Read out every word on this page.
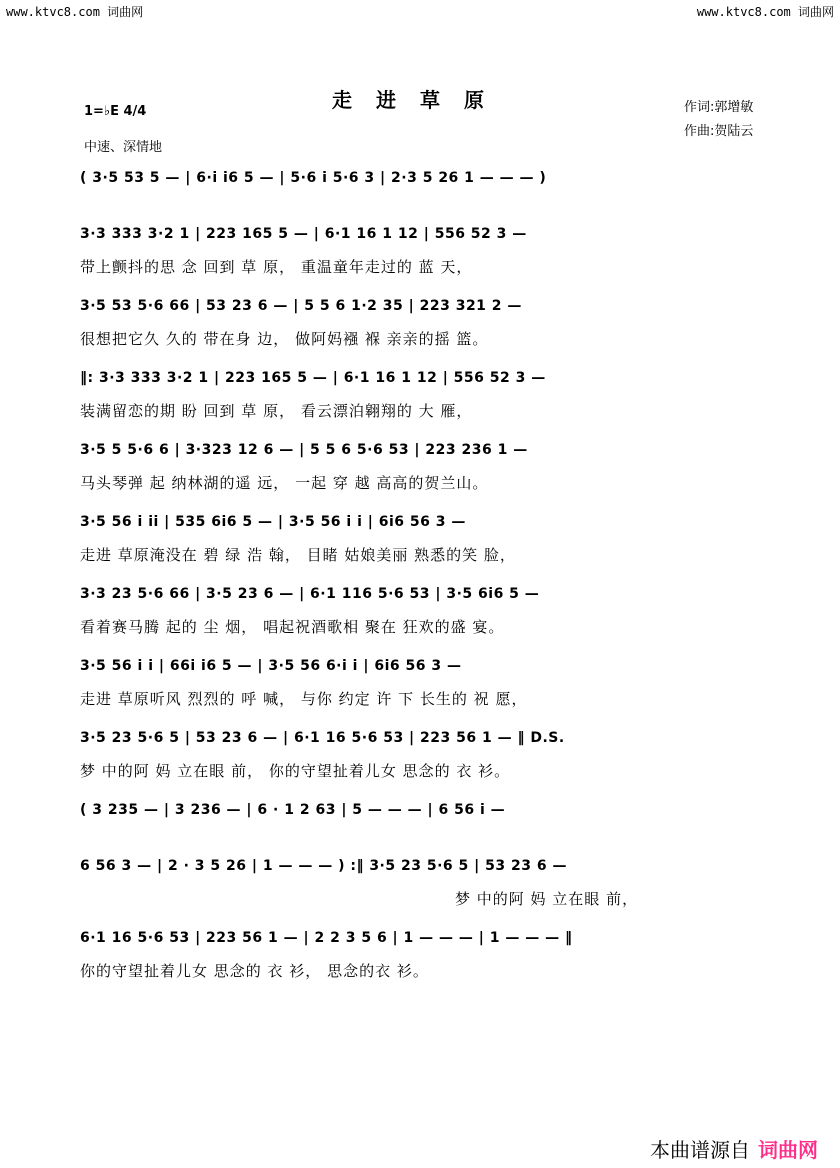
www.ktvc8.com 词曲网	www.ktvc8.com 词曲网
走进草原	作词:郭增敏
作曲:贺陆云
1=♭E 4/4
中速、深情地
( 3·5 53 5 — | 6·i i6 5 — | 5·6 i 5·6 3 | 2·3 5 26 1 — — — )
3·3 333 3·2 1 | 223 165 5 — | 6·1 16 1 12 | 556 52 3 —
带上颤抖的思 念 回到 草 原， 重温童年走过的 蓝 天，
3·5 53 5·6 66 | 53 23 6 — | 5 5 6 1·2 35 | 223 321 2 —
很想把它久 久的 带在身 边， 做阿妈襁 褓 亲亲的摇 篮。
‖: 3·3 333 3·2 1 | 223 165 5 — | 6·1 16 1 12 | 556 52 3 —
装满留恋的期 盼 回到 草 原， 看云漂泊翱翔的 大 雁，
3·5 5 5·6 6 | 3·323 12 6 — | 5 5 6 5·6 53 | 223 236 1 —
马头琴弹 起 纳林湖的遥 远， 一起 穿 越 高高的贺兰山。
3·5 56 i ii | 535 6i6 5 — | 3·5 56 i i | 6i6 56 3 —
走进 草原淹没在 碧 绿 浩 翰， 目睹 姑娘美丽 熟悉的笑 脸，
3·3 23 5·6 66 | 3·5 23 6 — | 6·1 116 5·6 53 | 3·5 6i6 5 —
看着赛马腾 起的 尘 烟， 唱起祝酒歌相 聚在 狂欢的盛 宴。
3·5 56 i i | 66i i6 5 — | 3·5 56 6·i i | 6i6 56 3 —
走进 草原听风 烈烈的 呼 喊， 与你 约定 许 下 长生的 祝 愿，
3·5 23 5·6 5 | 53 23 6 — | 6·1 16 5·6 53 | 223 56 1 — ‖ D.S.
梦 中的阿 妈 立在眼 前， 你的守望扯着儿女 思念的 衣 衫。
( 3 235 — | 3 236 — | 6 · 1 2 63 | 5 — — — | 6 56 i —
6 56 3 — | 2 · 3 5 26 | 1 — — — ) :‖ 3·5 23 5·6 5 | 53 23 6 —
梦 中的阿 妈 立在眼 前，
6·1 16 5·6 53 | 223 56 1 — | 2 2 3 5 6 | 1 — — — | 1 — — — ‖
你的守望扯着儿女 思念的 衣 衫， 思念的衣 衫。
本曲谱源自 词曲网
